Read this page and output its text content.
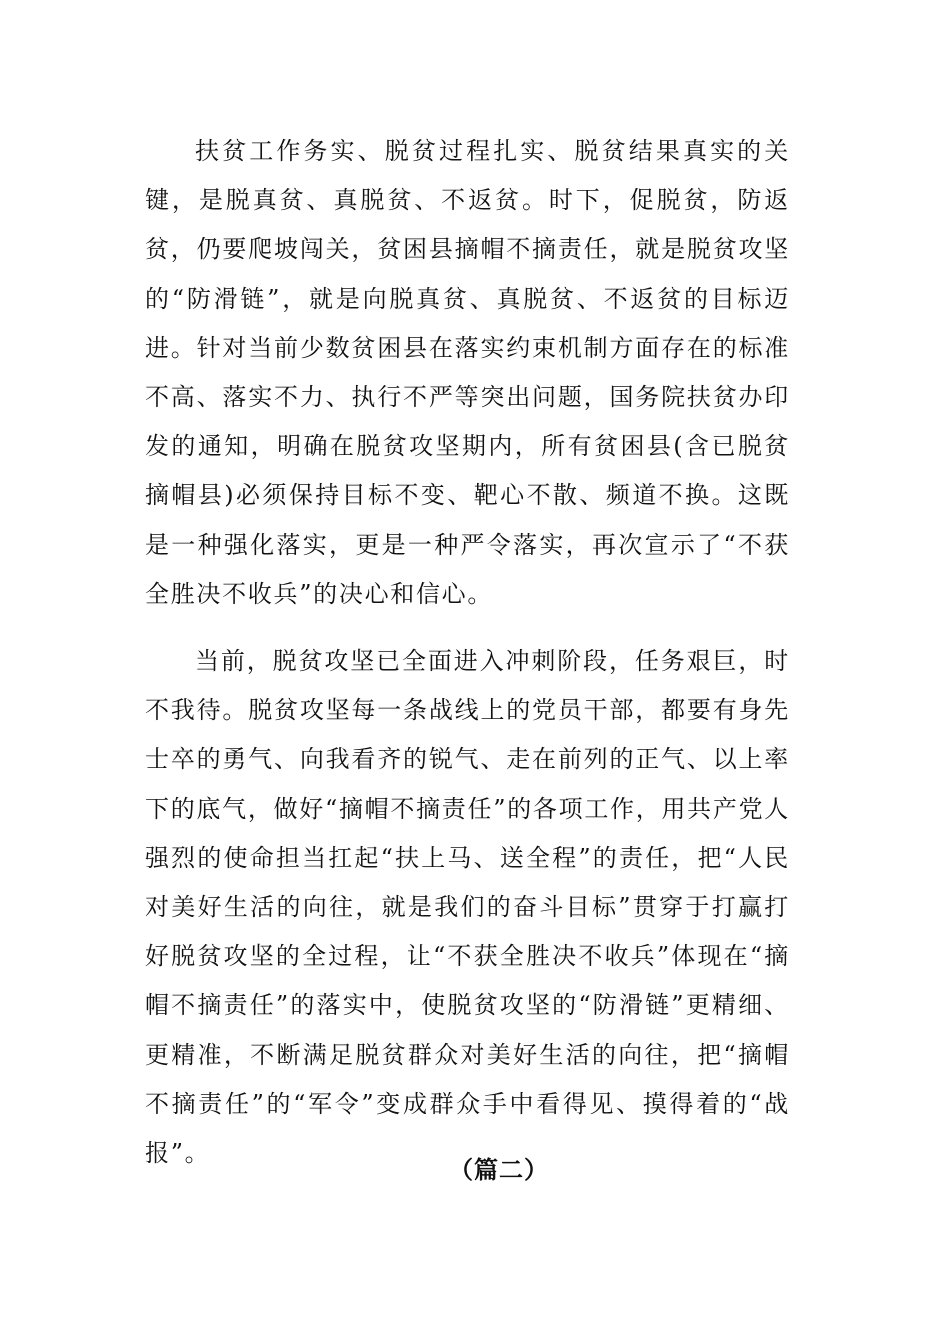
扶贫工作务实、脱贫过程扎实、脱贫结果真实的关键，是脱真贫、真脱贫、不返贫。时下，促脱贫，防返贫，仍要爬坡闯关，贫困县摘帽不摘责任，就是脱贫攻坚的“防滑链”，就是向脱真贫、真脱贫、不返贫的目标迈进。针对当前少数贫困县在落实约束机制方面存在的标准不高、落实不力、执行不严等突出问题，国务院扶贫办印发的通知，明确在脱贫攻坚期内，所有贫困县(含已脱贫摘帽县)必须保持目标不变、靶心不散、频道不换。这既是一种强化落实，更是一种严令落实，再次宣示了“不获全胜决不收兵”的决心和信心。

当前，脱贫攻坚已全面进入冲刺阶段，任务艰巨，时不我待。脱贫攻坚每一条战线上的党员干部，都要有身先士卒的勇气、向我看齐的锐气、走在前列的正气、以上率下的底气，做好“摘帽不摘责任”的各项工作，用共产党人强烈的使命担当扛起“扶上马、送全程”的责任，把“人民对美好生活的向往，就是我们的奋斗目标”贯穿于打赢打好脱贫攻坚的全过程，让“不获全胜决不收兵”体现在“摘帽不摘责任”的落实中，使脱贫攻坚的“防滑链”更精细、更精准，不断满足脱贫群众对美好生活的向往，把“摘帽不摘责任”的“军令”变成群众手中看得见、摸得着的“战报”。

（篇二）
